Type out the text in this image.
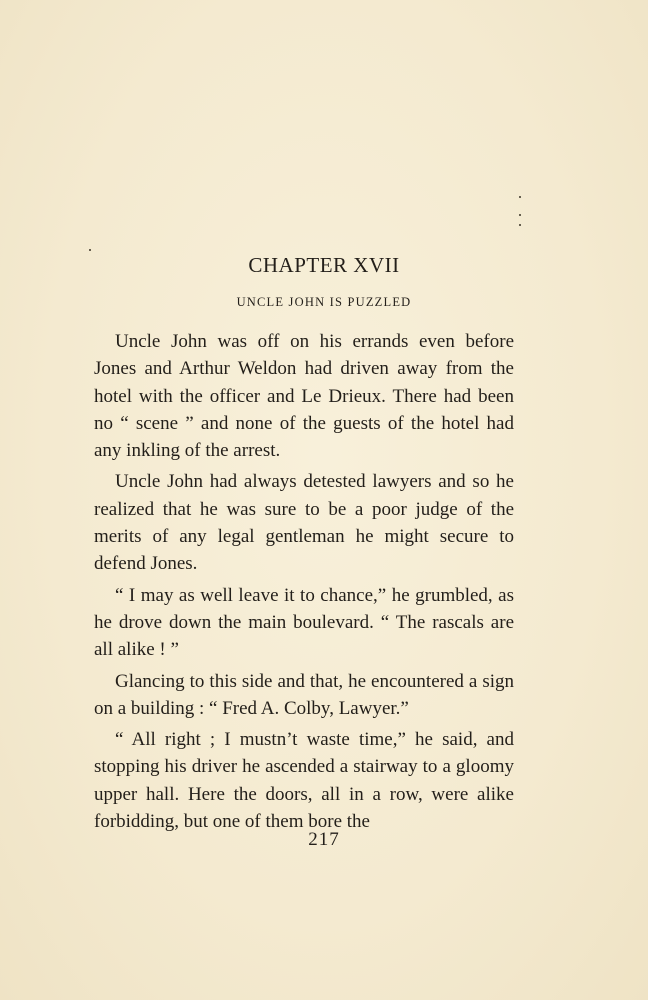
CHAPTER XVII
UNCLE JOHN IS PUZZLED

Uncle John was off on his errands even before Jones and Arthur Weldon had driven away from the hotel with the officer and Le Drieux. There had been no “ scene ” and none of the guests of the hotel had any inkling of the arrest.

Uncle John had always detested lawyers and so he realized that he was sure to be a poor judge of the merits of any legal gentleman he might secure to defend Jones.

“ I may as well leave it to chance,” he grumbled, as he drove down the main boulevard. “ The rascals are all alike ! ”

Glancing to this side and that, he encountered a sign on a building : “ Fred A. Colby, Lawyer.”

“ All right ; I mustn’t waste time,” he said, and stopping his driver he ascended a stairway to a gloomy upper hall. Here the doors, all in a row, were alike forbidding, but one of them bore the

217
